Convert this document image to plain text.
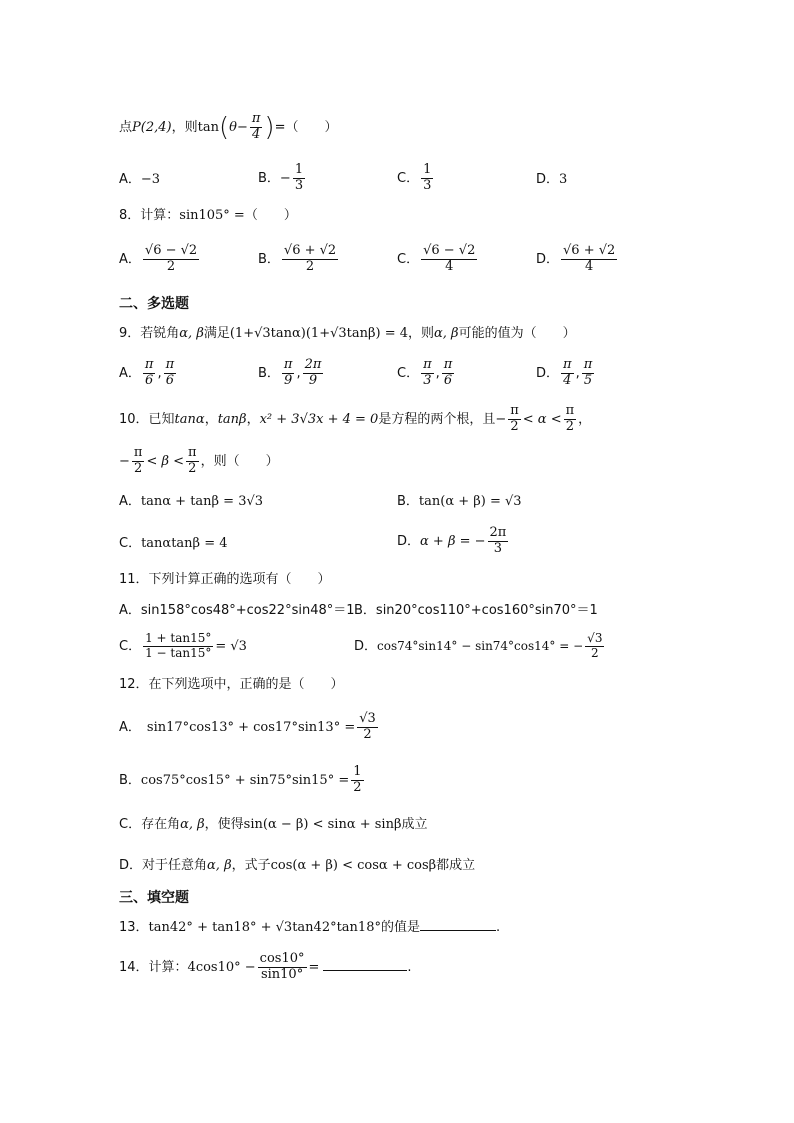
点P(2,4)，则$\tan(\theta- \frac{\pi}{4}$ )=（　　）
A．−3	B．− $\frac{1}{3}$	C． $\frac{1}{3}$	D．3
8．计算：sin105° =（　　）
A． $\frac{√6 - √2}{2}$	B． $\frac{√6 + √2}{2}$	C． $\frac{√6 - √2}{4}$	D． $\frac{√6 + √2}{4}$
二、多选题
9．若锐角α, β满足(1+√3tanα)(1+√3tanβ) = 4，则α, β可能的值为（　　）
A． $\frac{\pi}{6}$ , $\frac{\pi}{6}$	B． $\frac{\pi}{9}$ , $\frac{2\pi}{9}$	C． $\frac{\pi}{3}$ , $\frac{\pi}{6}$	D． $\frac{\pi}{4}$ , $\frac{\pi}{5}$
10．已知tanα，tanβ，x² + 3√3x + 4 = 0是方程的两个根，且− $\frac{\pi}{2} < \alpha < \frac{\pi}{2}$ ，
− $\frac{\pi}{2} < \beta < \frac{\pi}{2}$ ，则（　　）
A．tanα + tanβ = 3√3	B．tan(α + β) = √3
C．tanαtanβ = 4	D．α + β = − $\frac{2\pi}{3}$
11．下列计算正确的选项有（　　）
A．sin158°cos48°+cos22°sin48°＝1 B．sin20°cos110°+cos160°sin70°＝1
C． $\frac{1 + \tan 15^\circ}{1 - \tan 15^\circ} = √3$	D．cos74°sin14° − sin74°cos14° = − $\frac{√3}{2}$
12．在下列选项中，正确的是（　　）
A． $\sin 17^\circ\cos 13^\circ + \cos 17^\circ\sin 13^\circ = \frac{√3}{2}$
B．$\cos 75^\circ\cos 15^\circ + \sin 75^\circ\sin 15^\circ = \frac{1}{2}$
C．存在角α, β，使得sin(α − β) < sinα + sinβ成立
D．对于任意角α, β，式子cos(α + β) < cosα + cosβ都成立
三、填空题
13．tan42° + tan18° + √3tan42°tan18°的值是	.
14．计算：$4\cos 10^\circ - \frac{\cos 10^\circ}{\sin 10^\circ}$ =	.
